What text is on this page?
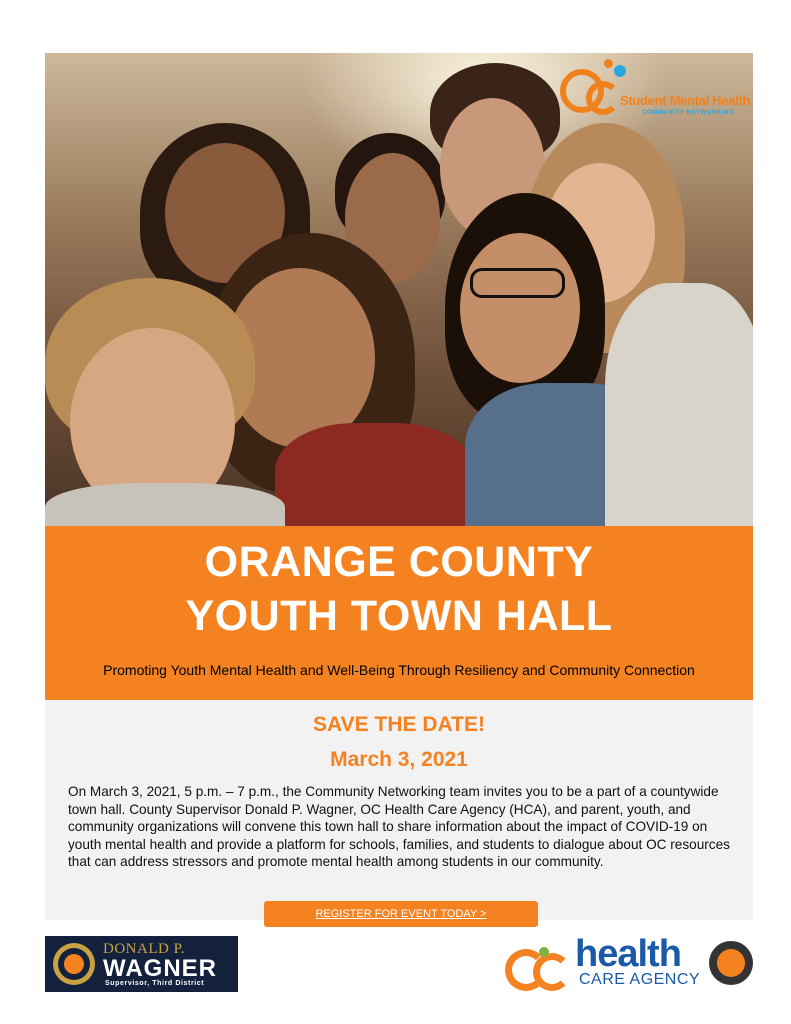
Student Mental Health
COMMUNITY NETWORKING
ORANGE COUNTY
YOUTH TOWN HALL
Promoting Youth Mental Health and Well-Being Through Resiliency and Community Connection
SAVE THE DATE!
March 3, 2021
On March 3, 2021, 5 p.m. – 7 p.m., the Community Networking team invites you to be a part of a countywide town hall. County Supervisor Donald P. Wagner, OC Health Care Agency (HCA), and parent, youth, and community organizations will convene this town hall to share information about the impact of COVID-19 on youth mental health and provide a platform for schools, families, and students to dialogue about OC resources that can address stressors and promote mental health among students in our community.
REGISTER FOR EVENT TODAY >
DONALD P.
WAGNER
Supervisor, Third District
health
CARE AGENCY
